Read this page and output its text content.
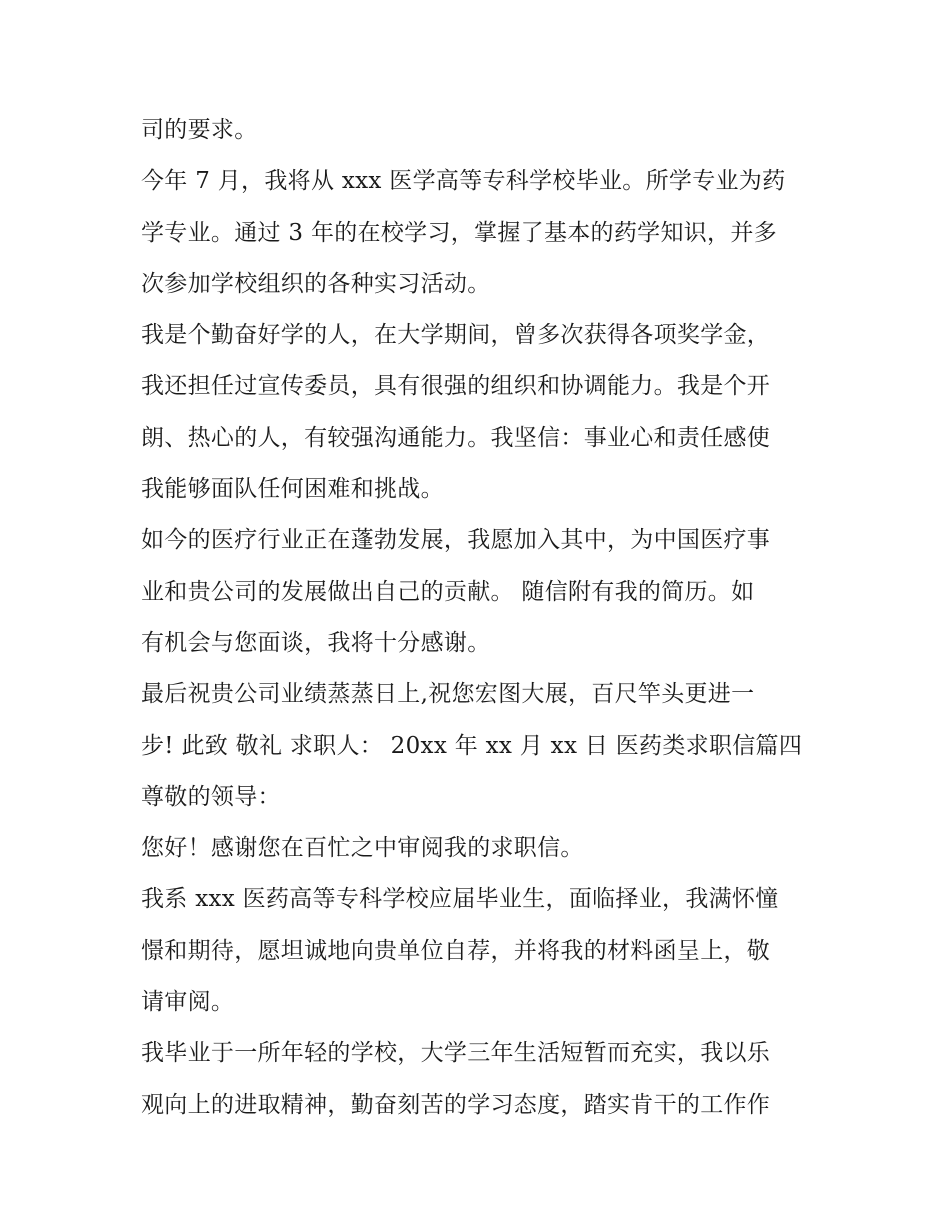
司的要求。
今年 7 月，我将从 xxx 医学高等专科学校毕业。所学专业为药
学专业。通过 3 年的在校学习，掌握了基本的药学知识，并多
次参加学校组织的各种实习活动。
我是个勤奋好学的人，在大学期间，曾多次获得各项奖学金，
我还担任过宣传委员，具有很强的组织和协调能力。我是个开
朗、热心的人，有较强沟通能力。我坚信：事业心和责任感使
我能够面队任何困难和挑战。
如今的医疗行业正在蓬勃发展，我愿加入其中，为中国医疗事
业和贵公司的发展做出自己的贡献。 随信附有我的简历。如
有机会与您面谈，我将十分感谢。
最后祝贵公司业绩蒸蒸日上,祝您宏图大展，百尺竿头更进一
步! 此致 敬礼 求职人： 20xx 年 xx 月 xx 日 医药类求职信篇四
尊敬的领导：
您好！感谢您在百忙之中审阅我的求职信。
我系 xxx 医药高等专科学校应届毕业生，面临择业，我满怀憧
憬和期待，愿坦诚地向贵单位自荐，并将我的材料函呈上，敬
请审阅。
我毕业于一所年轻的学校，大学三年生活短暂而充实，我以乐
观向上的进取精神，勤奋刻苦的学习态度，踏实肯干的工作作
